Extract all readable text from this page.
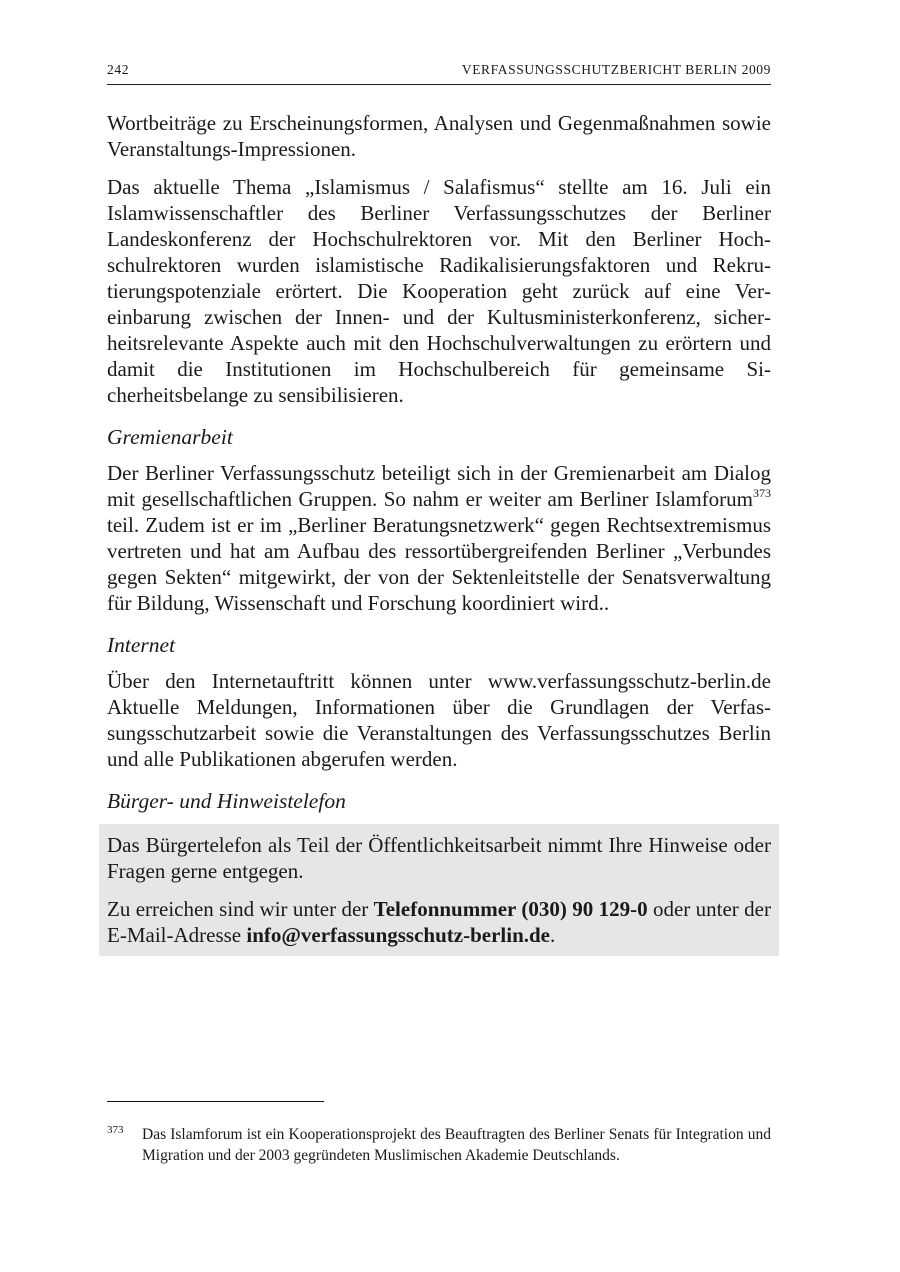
242	VERFASSUNGSSCHUTZBERICHT BERLIN 2009

Wortbeiträge zu Erscheinungsformen, Analysen und Gegenmaßnahmen sowie Veranstaltungs-Impressionen.

Das aktuelle Thema „Islamismus / Salafismus“ stellte am 16. Juli ein Islamwissenschaftler des Berliner Verfassungsschutzes der Berliner Landeskonferenz der Hochschulrektoren vor. Mit den Berliner Hochschulrektoren wurden islamistische Radikalisierungsfaktoren und Rekrutierungspotenziale erörtert. Die Kooperation geht zurück auf eine Vereinbarung zwischen der Innen- und der Kultusministerkonferenz, sicherheitsrelevante Aspekte auch mit den Hochschulverwaltungen zu erörtern und damit die Institutionen im Hochschulbereich für gemeinsame Sicherheitsbelange zu sensibilisieren.

Gremienarbeit

Der Berliner Verfassungsschutz beteiligt sich in der Gremienarbeit am Dialog mit gesellschaftlichen Gruppen. So nahm er weiter am Berliner Islamforum$^{373}$ teil. Zudem ist er im „Berliner Beratungsnetzwerk“ gegen Rechtsextremismus vertreten und hat am Aufbau des ressortübergreifenden Berliner „Verbundes gegen Sekten“ mitgewirkt, der von der Sektenleitstelle der Senatsverwaltung für Bildung, Wissenschaft und Forschung koordiniert wird..

Internet

Über den Internetauftritt können unter www.verfassungsschutz-berlin.de Aktuelle Meldungen, Informationen über die Grundlagen der Verfassungsschutzarbeit sowie die Veranstaltungen des Verfassungsschutzes Berlin und alle Publikationen abgerufen werden.

Bürger- und Hinweistelefon

Das Bürgertelefon als Teil der Öffentlichkeitsarbeit nimmt Ihre Hinweise oder Fragen gerne entgegen.

Zu erreichen sind wir unter der Telefonnummer (030) 90 129-0 oder unter der E-Mail-Adresse info@verfassungsschutz-berlin.de.

373 Das Islamforum ist ein Kooperationsprojekt des Beauftragten des Berliner Senats für Integration und Migration und der 2003 gegründeten Muslimischen Akademie Deutschlands.
